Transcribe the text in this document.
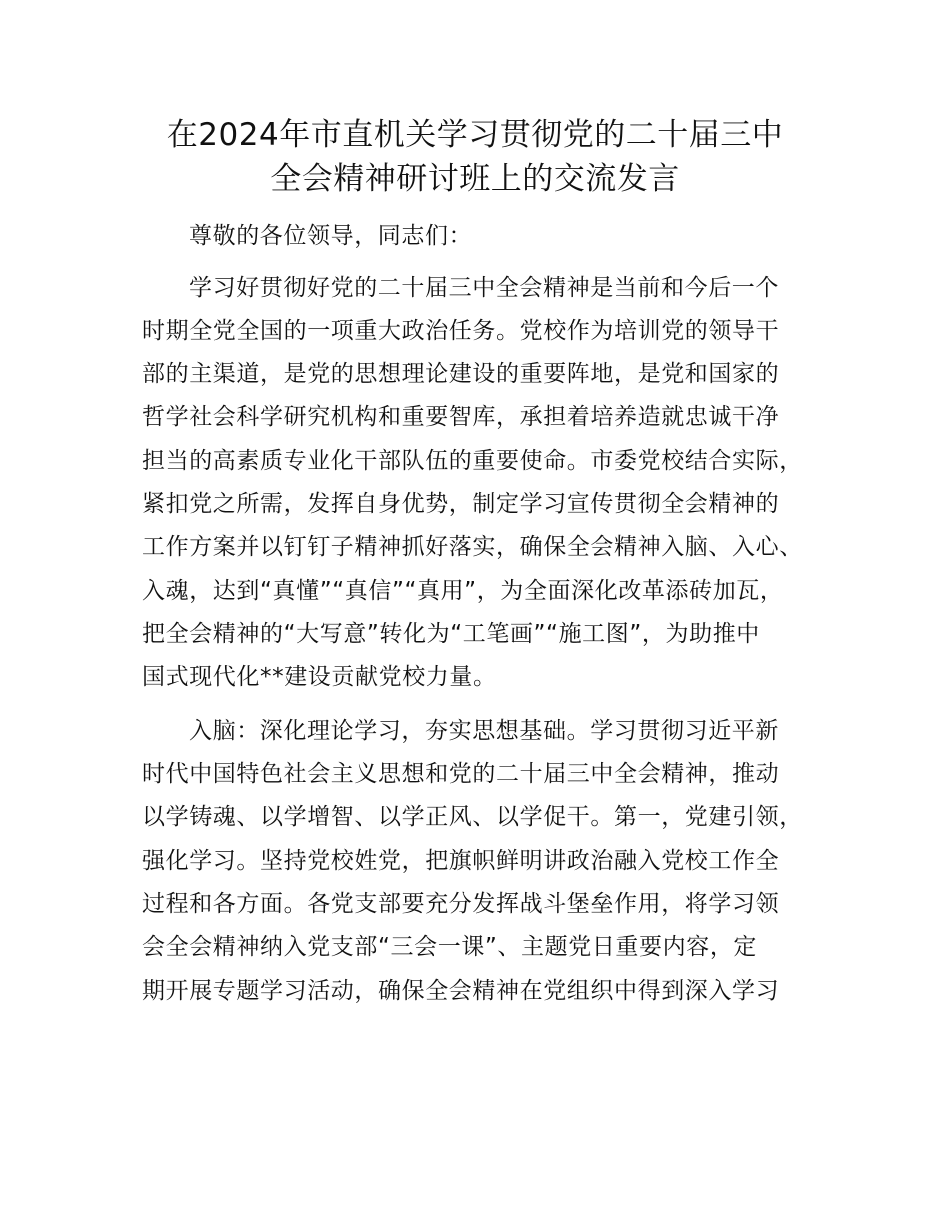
在2024年市直机关学习贯彻党的二十届三中
全会精神研讨班上的交流发言
尊敬的各位领导，同志们：
学习好贯彻好党的二十届三中全会精神是当前和今后一个
时期全党全国的一项重大政治任务。党校作为培训党的领导干
部的主渠道，是党的思想理论建设的重要阵地，是党和国家的
哲学社会科学研究机构和重要智库，承担着培养造就忠诚干净
担当的高素质专业化干部队伍的重要使命。市委党校结合实际，
紧扣党之所需，发挥自身优势，制定学习宣传贯彻全会精神的
工作方案并以钉钉子精神抓好落实，确保全会精神入脑、入心、
入魂，达到“真懂”“真信”“真用”，为全面深化改革添砖加瓦，
把全会精神的“大写意”转化为“工笔画”“施工图”，为助推中
国式现代化**建设贡献党校力量。
入脑：深化理论学习，夯实思想基础。学习贯彻习近平新
时代中国特色社会主义思想和党的二十届三中全会精神，推动
以学铸魂、以学增智、以学正风、以学促干。第一，党建引领，
强化学习。坚持党校姓党，把旗帜鲜明讲政治融入党校工作全
过程和各方面。各党支部要充分发挥战斗堡垒作用，将学习领
会全会精神纳入党支部“三会一课”、主题党日重要内容，定
期开展专题学习活动，确保全会精神在党组织中得到深入学习
